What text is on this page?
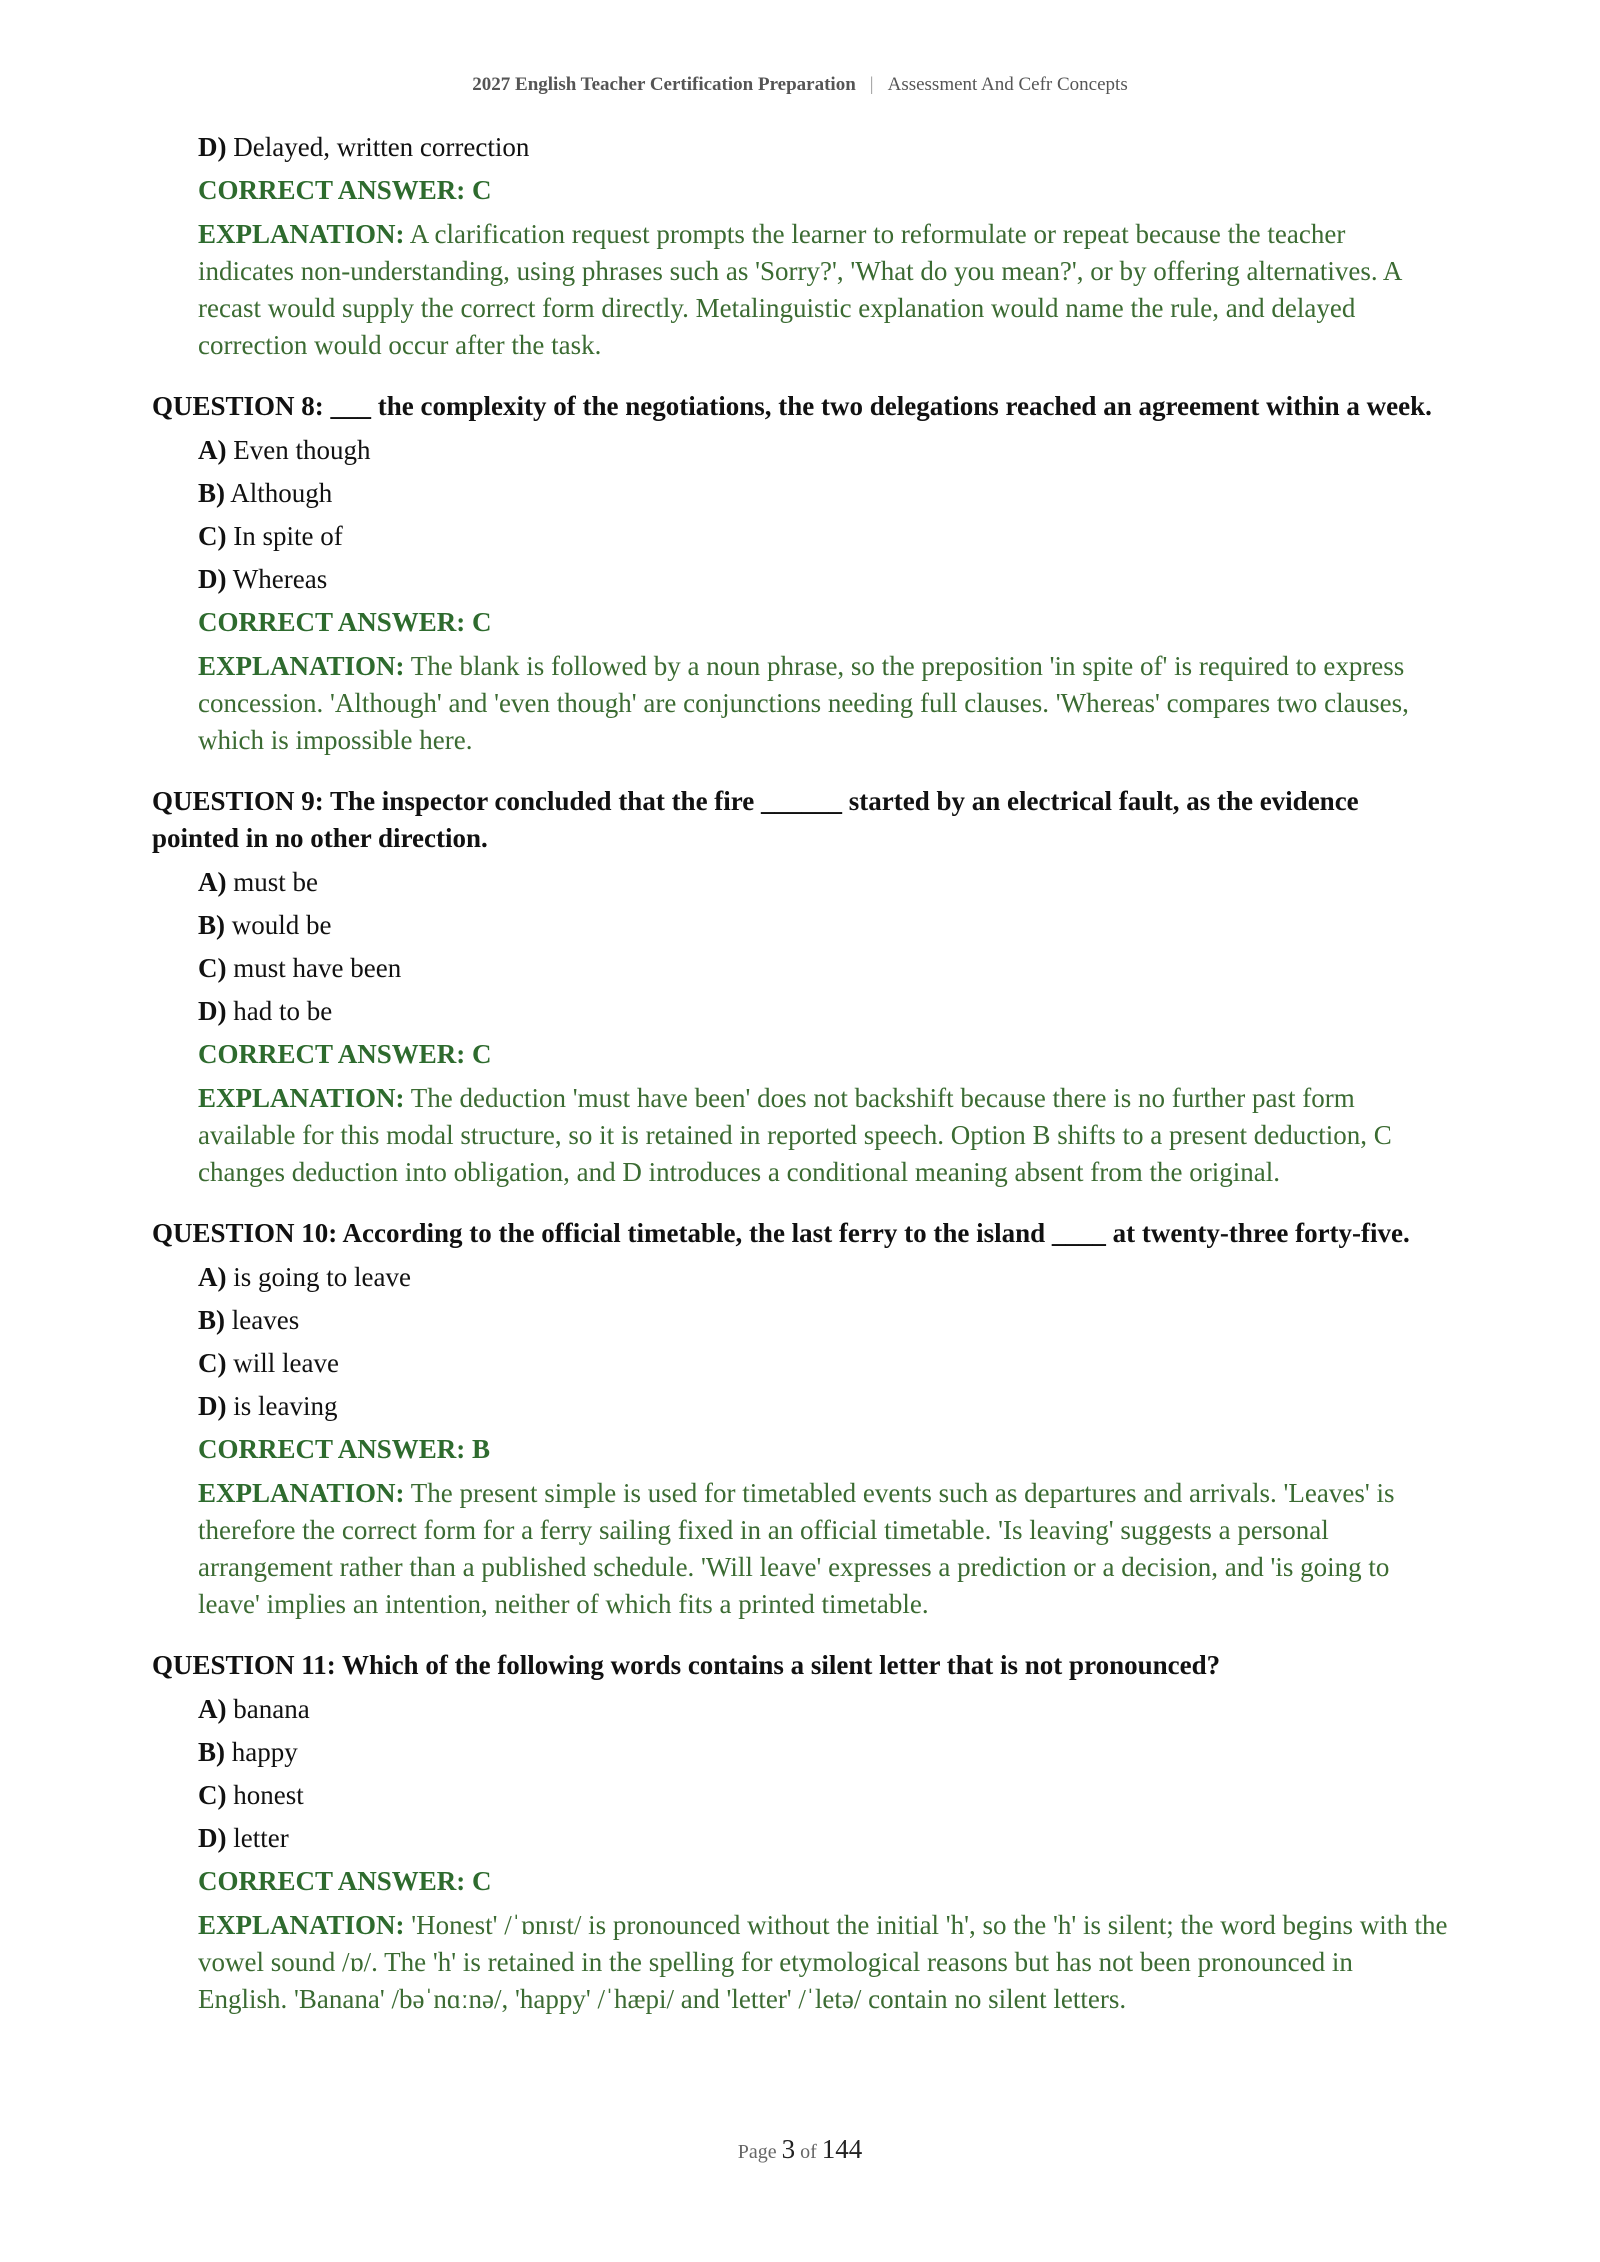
2027 English Teacher Certification Preparation | Assessment And Cefr Concepts
D) Delayed, written correction
CORRECT ANSWER: C
EXPLANATION: A clarification request prompts the learner to reformulate or repeat because the teacher indicates non-understanding, using phrases such as 'Sorry?', 'What do you mean?', or by offering alternatives. A recast would supply the correct form directly. Metalinguistic explanation would name the rule, and delayed correction would occur after the task.
QUESTION 8: ___ the complexity of the negotiations, the two delegations reached an agreement within a week.
A) Even though
B) Although
C) In spite of
D) Whereas
CORRECT ANSWER: C
EXPLANATION: The blank is followed by a noun phrase, so the preposition 'in spite of' is required to express concession. 'Although' and 'even though' are conjunctions needing full clauses. 'Whereas' compares two clauses, which is impossible here.
QUESTION 9: The inspector concluded that the fire ______ started by an electrical fault, as the evidence pointed in no other direction.
A) must be
B) would be
C) must have been
D) had to be
CORRECT ANSWER: C
EXPLANATION: The deduction 'must have been' does not backshift because there is no further past form available for this modal structure, so it is retained in reported speech. Option B shifts to a present deduction, C changes deduction into obligation, and D introduces a conditional meaning absent from the original.
QUESTION 10: According to the official timetable, the last ferry to the island ____ at twenty-three forty-five.
A) is going to leave
B) leaves
C) will leave
D) is leaving
CORRECT ANSWER: B
EXPLANATION: The present simple is used for timetabled events such as departures and arrivals. 'Leaves' is therefore the correct form for a ferry sailing fixed in an official timetable. 'Is leaving' suggests a personal arrangement rather than a published schedule. 'Will leave' expresses a prediction or a decision, and 'is going to leave' implies an intention, neither of which fits a printed timetable.
QUESTION 11: Which of the following words contains a silent letter that is not pronounced?
A) banana
B) happy
C) honest
D) letter
CORRECT ANSWER: C
EXPLANATION: 'Honest' /ˈɒnɪst/ is pronounced without the initial 'h', so the 'h' is silent; the word begins with the vowel sound /ɒ/. The 'h' is retained in the spelling for etymological reasons but has not been pronounced in English. 'Banana' /bəˈnɑːnə/, 'happy' /ˈhæpi/ and 'letter' /ˈletə/ contain no silent letters.
Page 3 of 144
